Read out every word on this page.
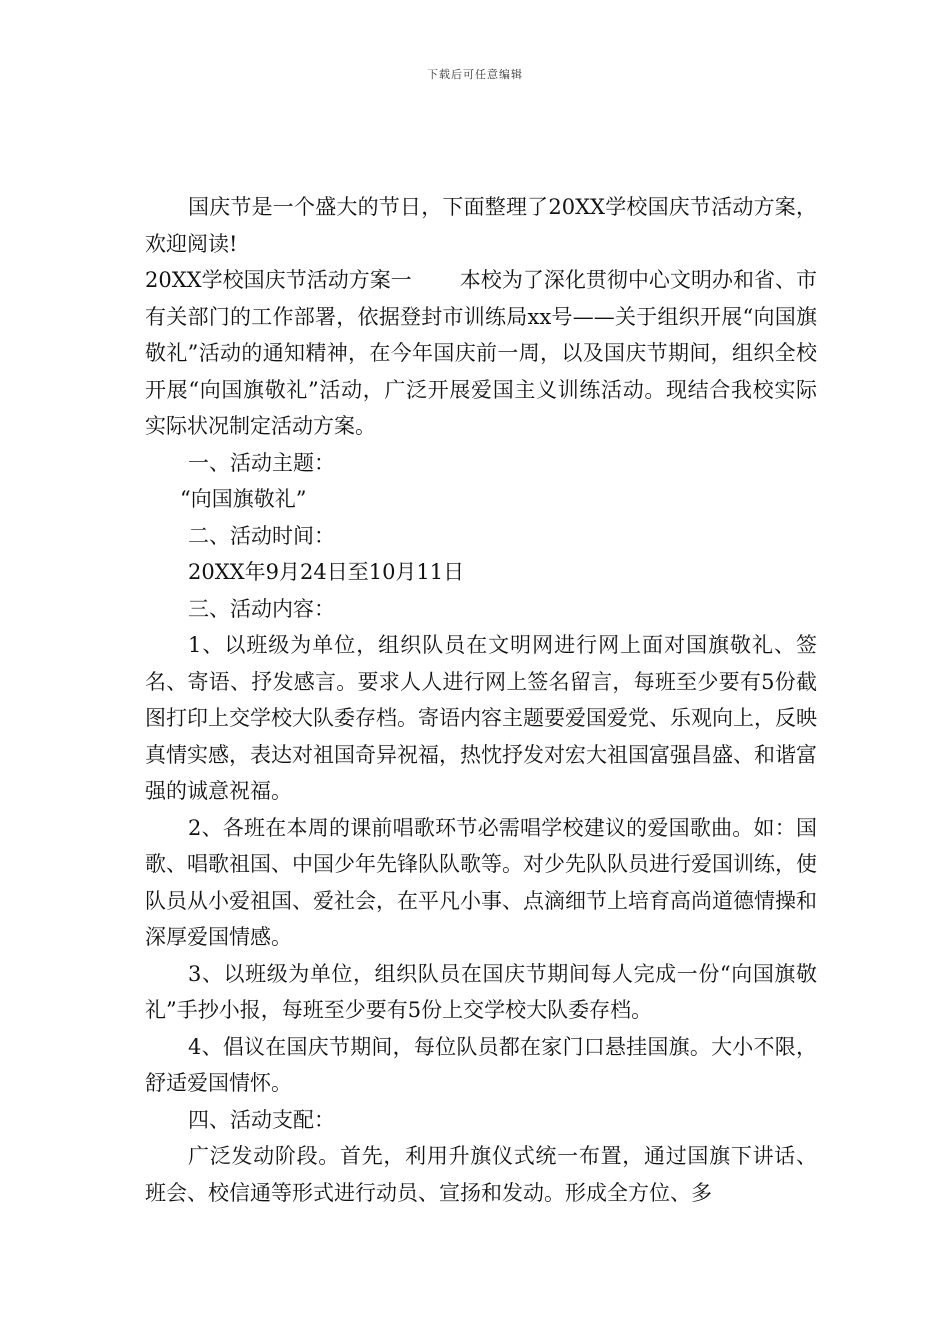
下载后可任意编辑

国庆节是一个盛大的节日，下面整理了20XX学校国庆节活动方案，欢迎阅读!

20XX学校国庆节活动方案一 本校为了深化贯彻中心文明办和省、市有关部门的工作部署，依据登封市训练局xx号——关于组织开展“向国旗敬礼”活动的通知精神，在今年国庆前一周，以及国庆节期间，组织全校开展“向国旗敬礼”活动，广泛开展爱国主义训练活动。现结合我校实际实际状况制定活动方案。

一、活动主题：

“向国旗敬礼”

二、活动时间：

20XX年9月24日至10月11日

三、活动内容：

1、以班级为单位，组织队员在文明网进行网上面对国旗敬礼、签名、寄语、抒发感言。要求人人进行网上签名留言，每班至少要有5份截图打印上交学校大队委存档。寄语内容主题要爱国爱党、乐观向上，反映真情实感，表达对祖国奇异祝福，热忱抒发对宏大祖国富强昌盛、和谐富强的诚意祝福。

2、各班在本周的课前唱歌环节必需唱学校建议的爱国歌曲。如：国歌、唱歌祖国、中国少年先锋队队歌等。对少先队队员进行爱国训练，使队员从小爱祖国、爱社会，在平凡小事、点滴细节上培育高尚道德情操和深厚爱国情感。

3、以班级为单位，组织队员在国庆节期间每人完成一份“向国旗敬礼”手抄小报，每班至少要有5份上交学校大队委存档。

4、倡议在国庆节期间，每位队员都在家门口悬挂国旗。大小不限，舒适爱国情怀。

四、活动支配：

广泛发动阶段。首先，利用升旗仪式统一布置，通过国旗下讲话、班会、校信通等形式进行动员、宣扬和发动。形成全方位、多
